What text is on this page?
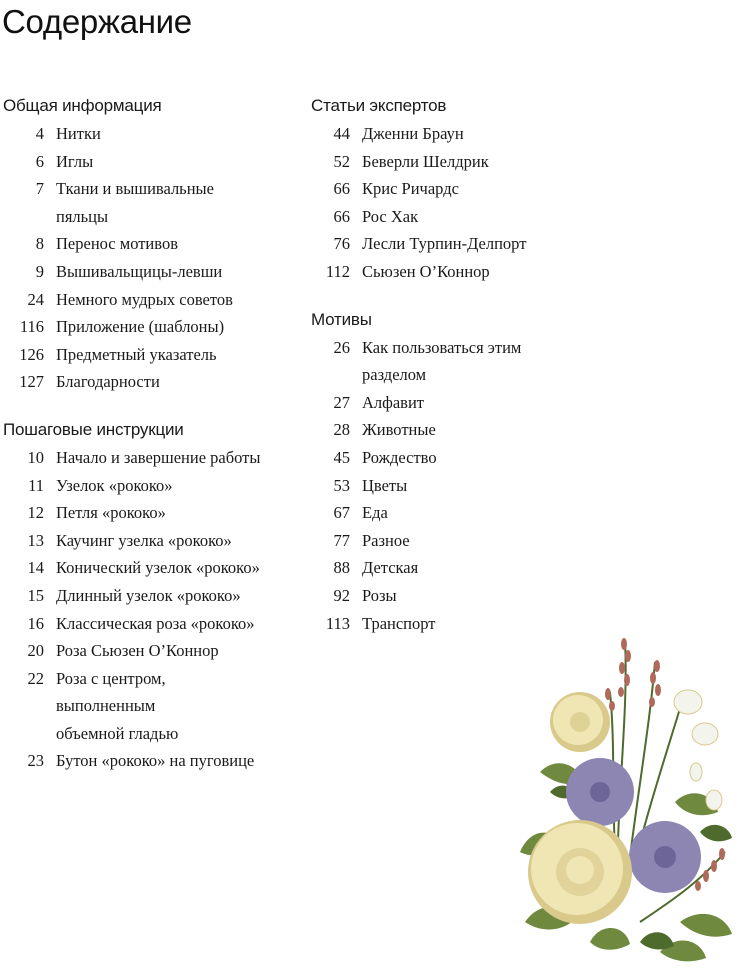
Содержание
Общая информация
4 Нитки
6 Иглы
7 Ткани и вышивальные
пяльцы
8 Перенос мотивов
9 Вышивальщицы-левши
24 Немного мудрых советов
116 Приложение (шаблоны)
126 Предметный указатель
127 Благодарности
Пошаговые инструкции
10 Начало и завершение работы
11 Узелок «рококо»
12 Петля «рококо»
13 Каучинг узелка «рококо»
14 Конический узелок «рококо»
15 Длинный узелок «рококо»
16 Классическая роза «рококо»
20 Роза Сьюзен О’Коннор
22 Роза с центром,
выполненным
объемной гладью
23 Бутон «рококо» на пуговице
Статьи экспертов
44 Дженни Браун
52 Беверли Шелдрик
66 Крис Ричардс
66 Рос Хак
76 Лесли Турпин-Делпорт
112 Сьюзен О’Коннор
Мотивы
26 Как пользоваться этим
разделом
27 Алфавит
28 Животные
45 Рождество
53 Цветы
67 Еда
77 Разное
88 Детская
92 Розы
113 Транспорт
